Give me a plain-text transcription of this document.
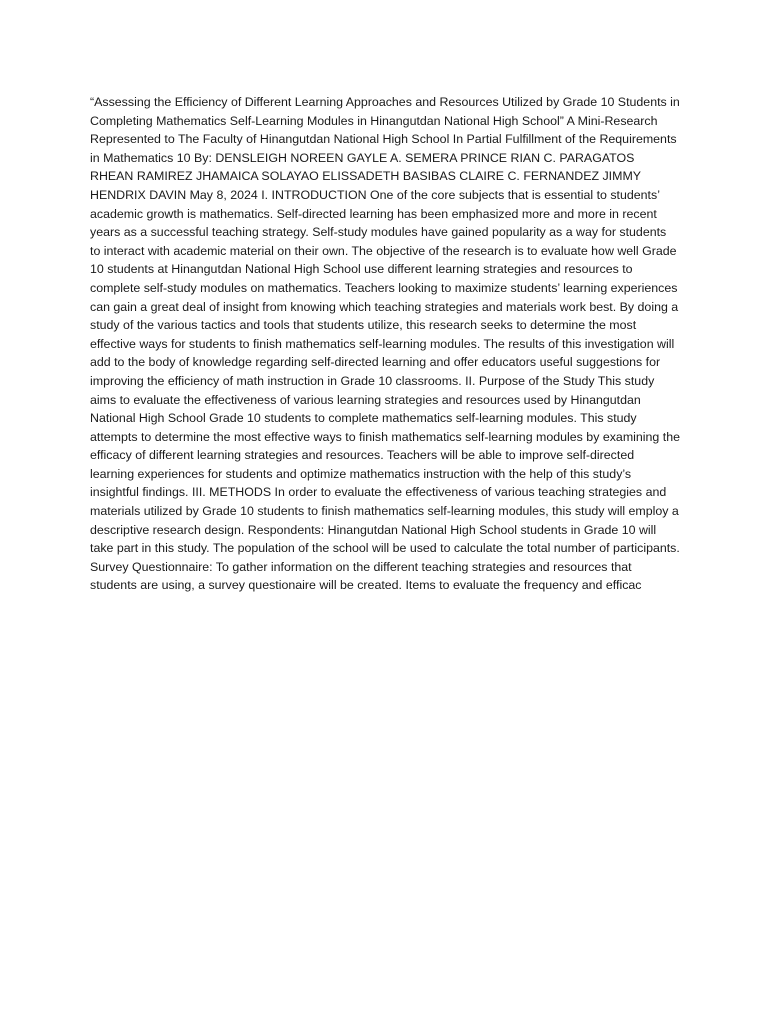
“Assessing the Efficiency of Different Learning Approaches and Resources Utilized by Grade 10 Students in Completing Mathematics Self-Learning Modules in Hinangutdan National High School” A Mini-Research Represented to The Faculty of Hinangutdan National High School In Partial Fulfillment of the Requirements in Mathematics 10 By: DENSLEIGH NOREEN GAYLE A. SEMERA PRINCE RIAN C. PARAGATOS RHEAN RAMIREZ JHAMAICA SOLAYAO ELISSADETH BASIBAS CLAIRE C. FERNANDEZ JIMMY HENDRIX DAVIN May 8, 2024 I. INTRODUCTION One of the core subjects that is essential to students’ academic growth is mathematics. Self-directed learning has been emphasized more and more in recent years as a successful teaching strategy. Self-study modules have gained popularity as a way for students to interact with academic material on their own. The objective of the research is to evaluate how well Grade 10 students at Hinangutdan National High School use different learning strategies and resources to complete self-study modules on mathematics. Teachers looking to maximize students’ learning experiences can gain a great deal of insight from knowing which teaching strategies and materials work best. By doing a study of the various tactics and tools that students utilize, this research seeks to determine the most effective ways for students to finish mathematics self-learning modules. The results of this investigation will add to the body of knowledge regarding self-directed learning and offer educators useful suggestions for improving the efficiency of math instruction in Grade 10 classrooms. II. Purpose of the Study This study aims to evaluate the effectiveness of various learning strategies and resources used by Hinangutdan National High School Grade 10 students to complete mathematics self-learning modules. This study attempts to determine the most effective ways to finish mathematics self-learning modules by examining the efficacy of different learning strategies and resources. Teachers will be able to improve self-directed learning experiences for students and optimize mathematics instruction with the help of this study’s insightful findings. III. METHODS In order to evaluate the effectiveness of various teaching strategies and materials utilized by Grade 10 students to finish mathematics self-learning modules, this study will employ a descriptive research design. Respondents: Hinangutdan National High School students in Grade 10 will take part in this study. The population of the school will be used to calculate the total number of participants. Survey Questionnaire: To gather information on the different teaching strategies and resources that students are using, a survey questionaire will be created. Items to evaluate the frequency and efficac
